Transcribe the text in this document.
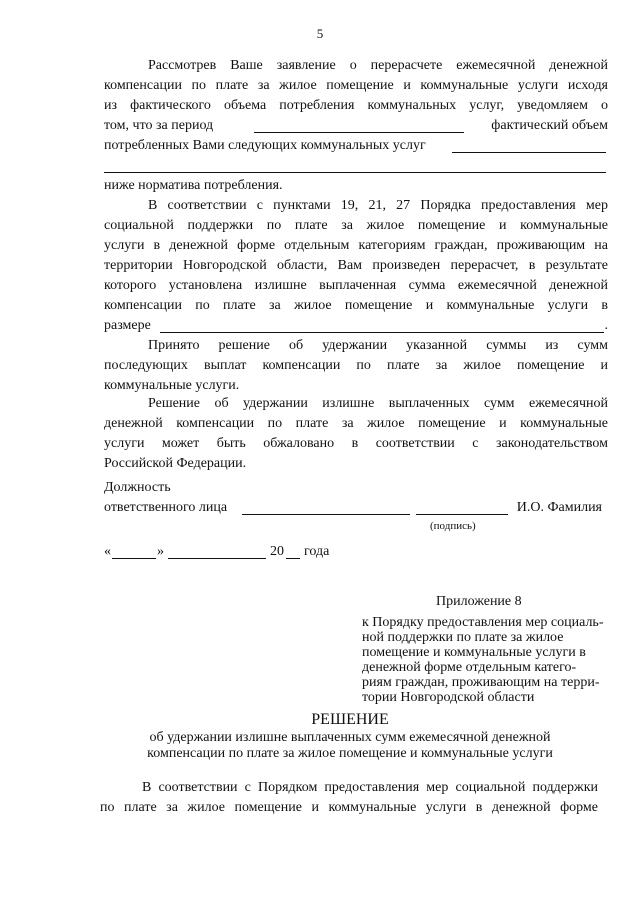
5
Рассмотрев Ваше заявление о перерасчете ежемесячной денежной
компенсации по плате за жилое помещение и коммунальные услуги исходя
из фактического объема потребления коммунальных услуг, уведомляем о
том, что за период	фактический объем
потребленных Вами следующих коммунальных услуг
ниже норматива потребления.
В соответствии с пунктами 19, 21, 27 Порядка предоставления мер
социальной поддержки по плате за жилое помещение и коммунальные
услуги в денежной форме отдельным категориям граждан, проживающим на
территории Новгородской области, Вам произведен перерасчет, в результате
которого установлена излишне выплаченная сумма ежемесячной денежной
компенсации по плате за жилое помещение и коммунальные услуги в
размере	.
Принято решение об удержании указанной суммы из сумм
последующих выплат компенсации по плате за жилое помещение и
коммунальные услуги.
Решение об удержании излишне выплаченных сумм ежемесячной
денежной компенсации по плате за жилое помещение и коммунальные
услуги может быть обжаловано в соответствии с законодательством
Российской Федерации.
Должность
ответственного лица	И.О. Фамилия
(подпись)
«	»	20 года
Приложение 8
к Порядку предоставления мер социаль-
ной поддержки по плате за жилое
помещение и коммунальные услуги в
денежной форме отдельным катего-
риям граждан, проживающим на терри-
тории Новгородской области
РЕШЕНИЕ
об удержании излишне выплаченных сумм ежемесячной денежной
компенсации по плате за жилое помещение и коммунальные услуги
В соответствии с Порядком предоставления мер социальной поддержки
по плате за жилое помещение и коммунальные услуги в денежной форме
